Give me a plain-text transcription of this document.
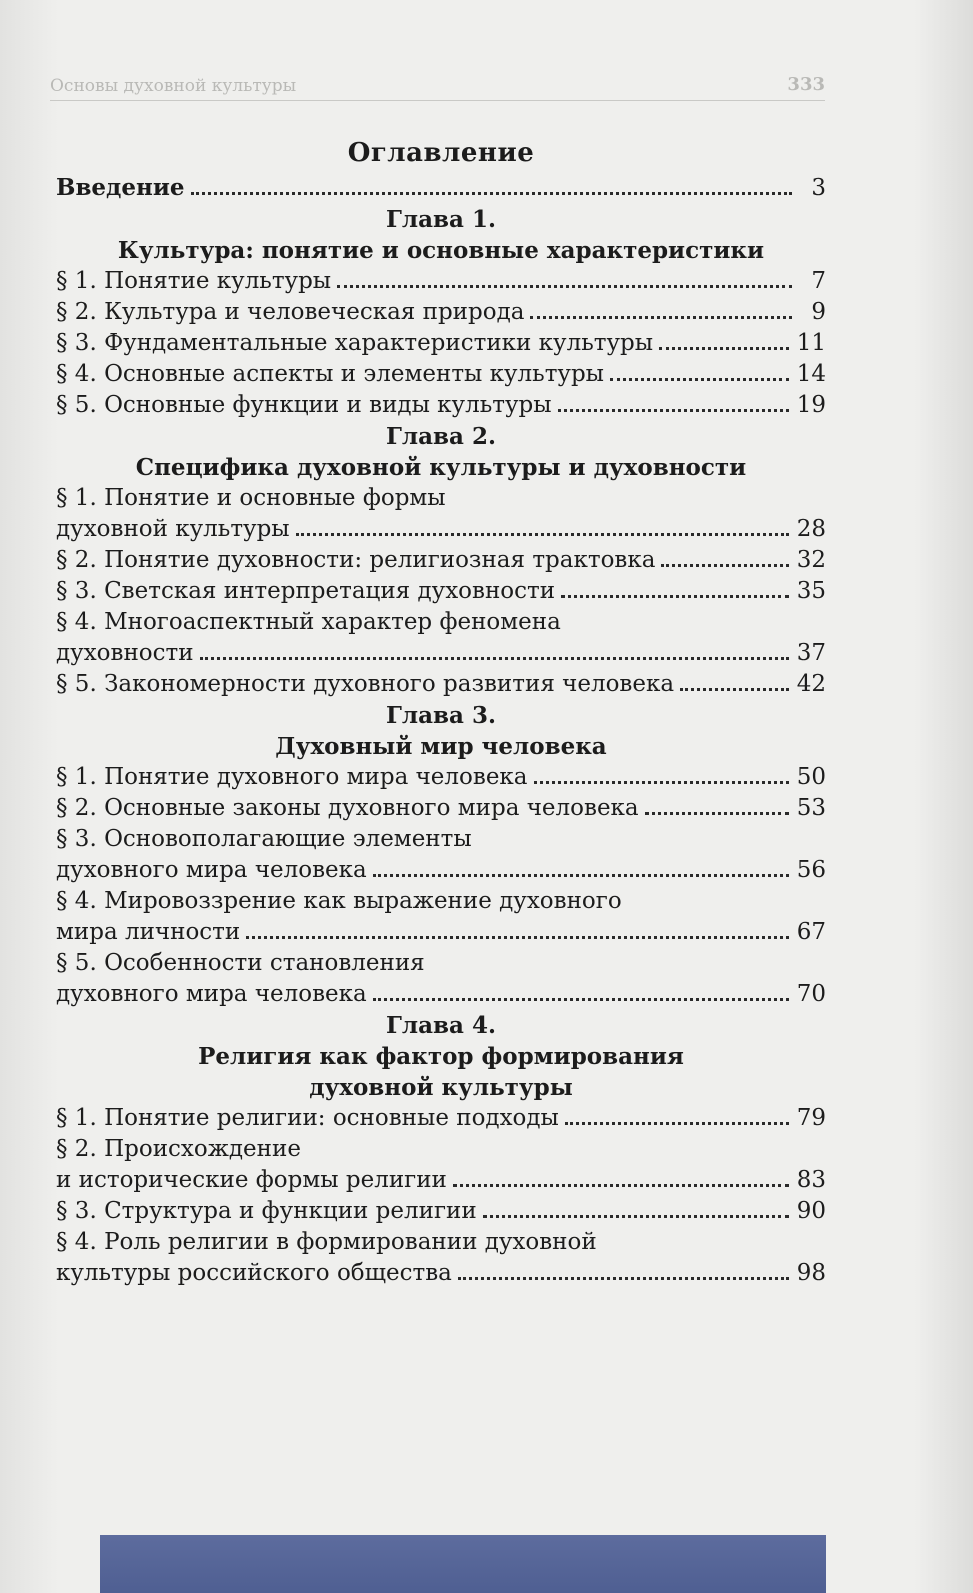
Основы духовной культуры	333
Оглавление
Введение	3
Глава 1.
Культура: понятие и основные характеристики
§ 1. Понятие культуры	7
§ 2. Культура и человеческая природа	9
§ 3. Фундаментальные характеристики культуры	11
§ 4. Основные аспекты и элементы культуры	14
§ 5. Основные функции и виды культуры	19
Глава 2.
Специфика духовной культуры и духовности
§ 1. Понятие и основные формы
духовной культуры	28
§ 2. Понятие духовности: религиозная трактовка	32
§ 3. Светская интерпретация духовности	35
§ 4. Многоаспектный характер феномена
духовности	37
§ 5. Закономерности духовного развития человека	42
Глава 3.
Духовный мир человека
§ 1. Понятие духовного мира человека	50
§ 2. Основные законы духовного мира человека	53
§ 3. Основополагающие элементы
духовного мира человека	56
§ 4. Мировоззрение как выражение духовного
мира личности	67
§ 5. Особенности становления
духовного мира человека	70
Глава 4.
Религия как фактор формирования
духовной культуры
§ 1. Понятие религии: основные подходы	79
§ 2. Происхождение
и исторические формы религии	83
§ 3. Структура и функции религии	90
§ 4. Роль религии в формировании духовной
культуры российского общества	98
